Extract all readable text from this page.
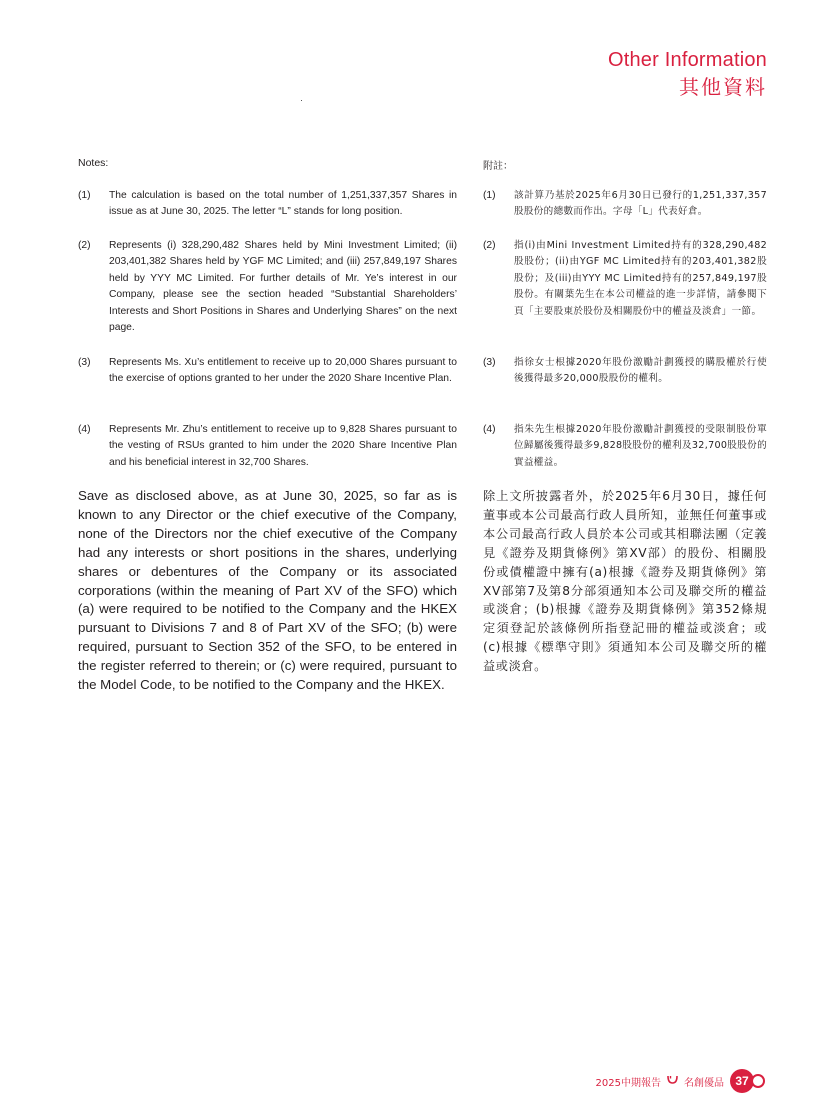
Other Information
其他資料
Notes:
(1) The calculation is based on the total number of 1,251,337,357 Shares in issue as at June 30, 2025. The letter “L” stands for long position.
(2) Represents (i) 328,290,482 Shares held by Mini Investment Limited; (ii) 203,401,382 Shares held by YGF MC Limited; and (iii) 257,849,197 Shares held by YYY MC Limited. For further details of Mr. Ye’s interest in our Company, please see the section headed “Substantial Shareholders’ Interests and Short Positions in Shares and Underlying Shares” on the next page.
(3) Represents Ms. Xu’s entitlement to receive up to 20,000 Shares pursuant to the exercise of options granted to her under the 2020 Share Incentive Plan.
(4) Represents Mr. Zhu’s entitlement to receive up to 9,828 Shares pursuant to the vesting of RSUs granted to him under the 2020 Share Incentive Plan and his beneficial interest in 32,700 Shares.
Save as disclosed above, as at June 30, 2025, so far as is known to any Director or the chief executive of the Company, none of the Directors nor the chief executive of the Company had any interests or short positions in the shares, underlying shares or debentures of the Company or its associated corporations (within the meaning of Part XV of the SFO) which (a) were required to be notified to the Company and the HKEX pursuant to Divisions 7 and 8 of Part XV of the SFO; (b) were required, pursuant to Section 352 of the SFO, to be entered in the register referred to therein; or (c) were required, pursuant to the Model Code, to be notified to the Company and the HKEX.
附註：
(1) 該計算乃基於2025年6月30日已發行的1,251,337,357股股份的總數而作出。字母「L」代表好倉。
(2) 指(i)由Mini Investment Limited持有的328,290,482股股份；(ii)由YGF MC Limited持有的203,401,382股股份；及(iii)由YYY MC Limited持有的257,849,197股股份。有關葉先生在本公司權益的進一步詳情，請參閱下頁「主要股東於股份及相關股份中的權益及淡倉」一節。
(3) 指徐女士根據2020年股份激勵計劃獲授的購股權於行使後獲得最多20,000股股份的權利。
(4) 指朱先生根據2020年股份激勵計劃獲授的受限制股份單位歸屬後獲得最多9,828股股份的權利及32,700股股份的實益權益。
除上文所披露者外，於2025年6月30日，據任何董事或本公司最高行政人員所知，並無任何董事或本公司最高行政人員於本公司或其相聯法團（定義見《證券及期貨條例》第XV部）的股份、相關股份或債權證中擁有(a)根據《證券及期貨條例》第XV部第7及第8分部須通知本公司及聯交所的權益或淡倉；(b)根據《證券及期貨條例》第352條規定須登記於該條例所指登記冊的權益或淡倉；或(c)根據《標準守則》須通知本公司及聯交所的權益或淡倉。
2025中期報告 名創優品 37
